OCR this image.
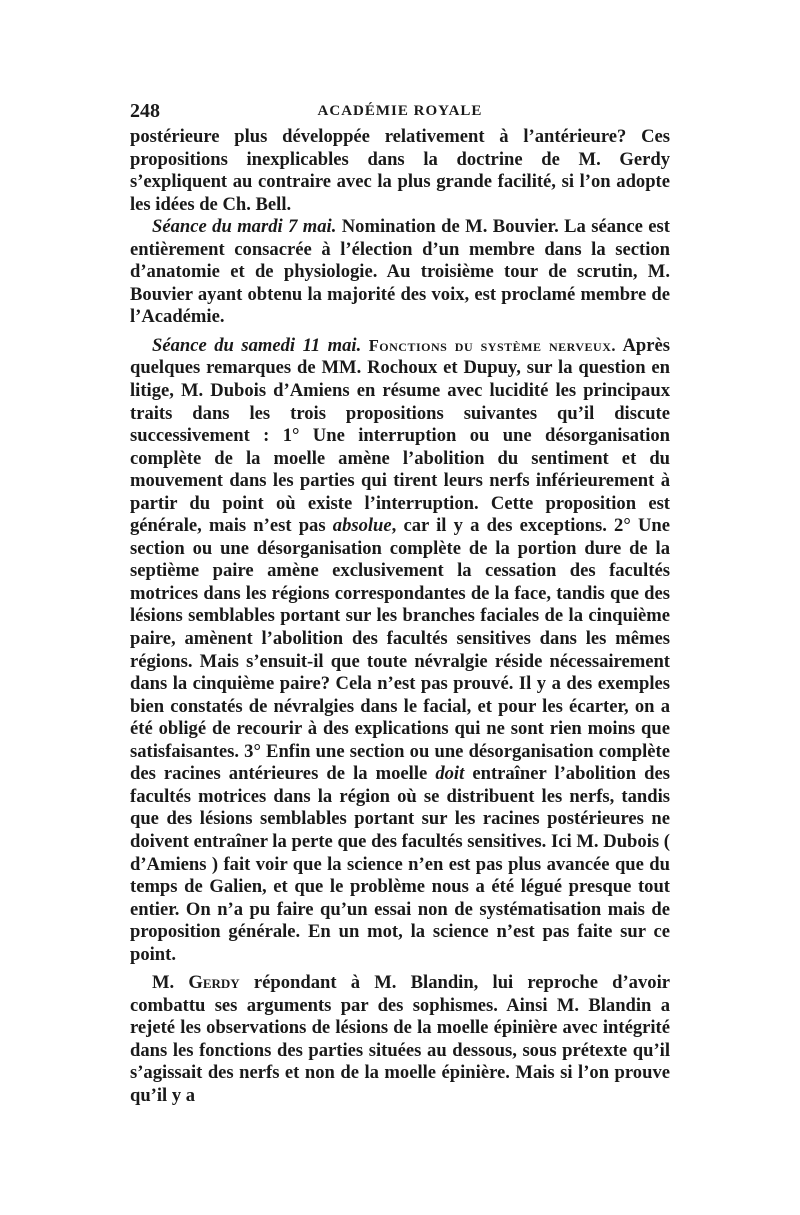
248	ACADÉMIE ROYALE

postérieure plus développée relativement à l’antérieure? Ces propositions inexplicables dans la doctrine de M. Gerdy s’expliquent au contraire avec la plus grande facilité, si l’on adopte les idées de Ch. Bell.

Séance du mardi 7 mai. Nomination de M. Bouvier. La séance est entièrement consacrée à l’élection d’un membre dans la section d’anatomie et de physiologie. Au troisième tour de scrutin, M. Bouvier ayant obtenu la majorité des voix, est proclamé membre de l’Académie.

Séance du samedi 11 mai. Fonctions du système nerveux. Après quelques remarques de MM. Rochoux et Dupuy, sur la question en litige, M. Dubois d’Amiens en résume avec lucidité les principaux traits dans les trois propositions suivantes qu’il discute successivement : 1° Une interruption ou une désorganisation complète de la moelle amène l’abolition du sentiment et du mouvement dans les parties qui tirent leurs nerfs inférieurement à partir du point où existe l’interruption. Cette proposition est générale, mais n’est pas absolue, car il y a des exceptions. 2° Une section ou une désorganisation complète de la portion dure de la septième paire amène exclusivement la cessation des facultés motrices dans les régions correspondantes de la face, tandis que des lésions semblables portant sur les branches faciales de la cinquième paire, amènent l’abolition des facultés sensitives dans les mêmes régions. Mais s’ensuit-il que toute névralgie réside nécessairement dans la cinquième paire? Cela n’est pas prouvé. Il y a des exemples bien constatés de névralgies dans le facial, et pour les écarter, on a été obligé de recourir à des explications qui ne sont rien moins que satisfaisantes. 3° Enfin une section ou une désorganisation complète des racines antérieures de la moelle doit entraîner l’abolition des facultés motrices dans la région où se distribuent les nerfs, tandis que des lésions semblables portant sur les racines postérieures ne doivent entraîner la perte que des facultés sensitives. Ici M. Dubois ( d’Amiens ) fait voir que la science n’en est pas plus avancée que du temps de Galien, et que le problème nous a été légué presque tout entier. On n’a pu faire qu’un essai non de systématisation mais de proposition générale. En un mot, la science n’est pas faite sur ce point.

M. Gerdy répondant à M. Blandin, lui reproche d’avoir combattu ses arguments par des sophismes. Ainsi M. Blandin a rejeté les observations de lésions de la moelle épinière avec intégrité dans les fonctions des parties situées au dessous, sous prétexte qu’il s’agissait des nerfs et non de la moelle épinière. Mais si l’on prouve qu’il y a
